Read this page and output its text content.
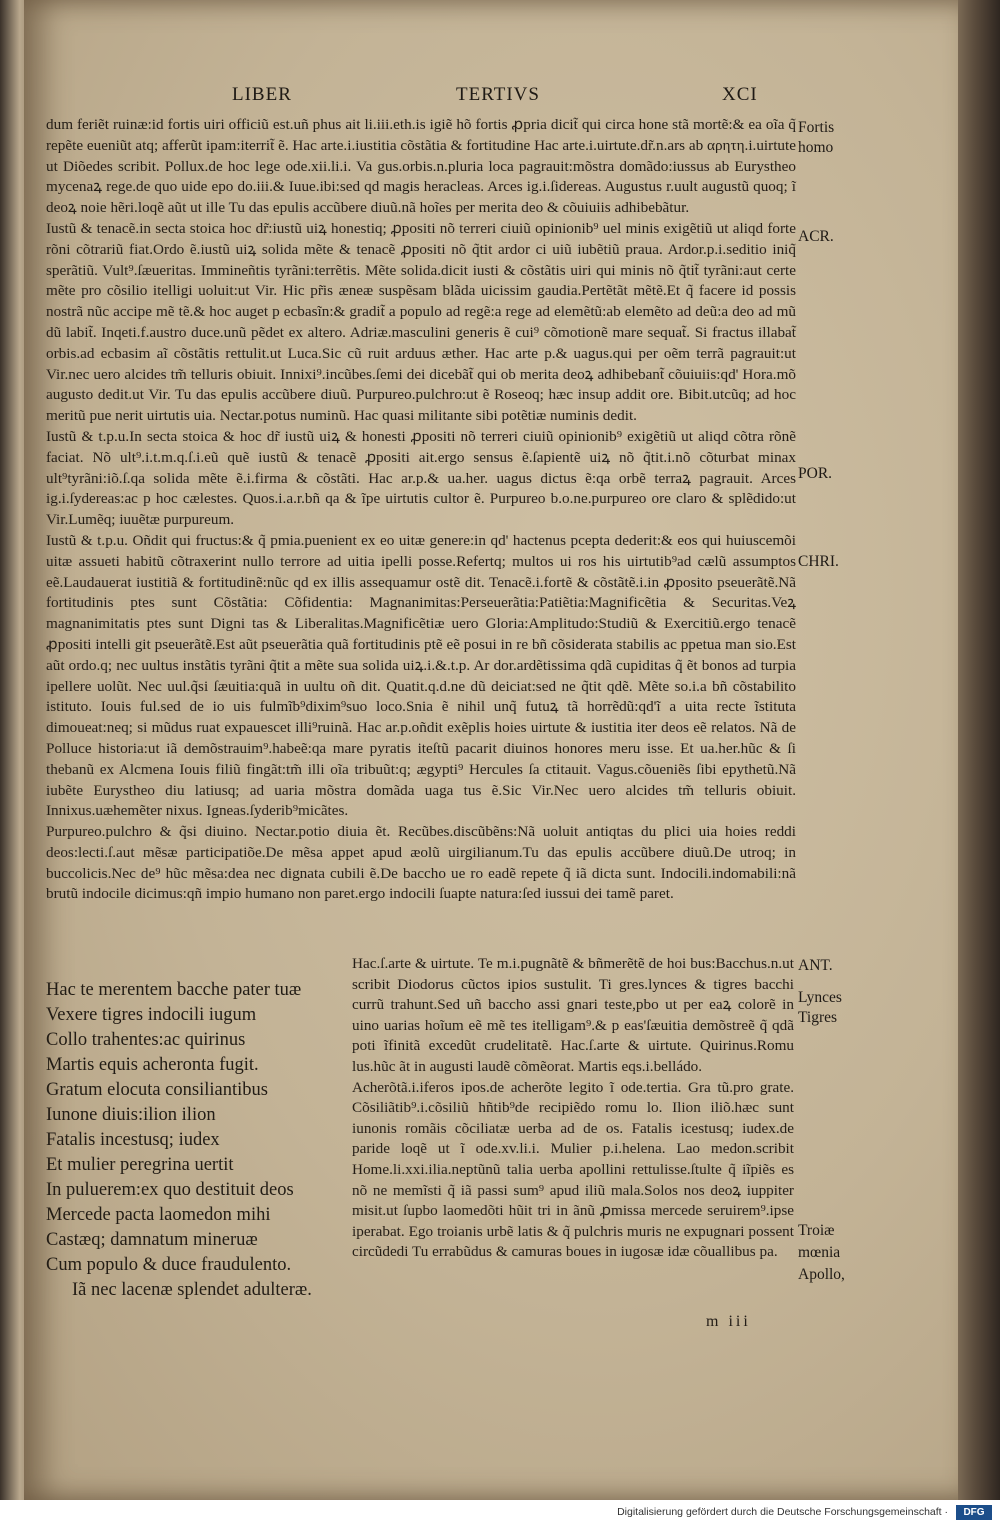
LIBER	TERTIVS	XCI

dum feriẽt ruinæ:id fortis uiri officiũ est.uñ phus ait li.iii.eth.is igiẽ hõ fortis ꝓpria dicit̃ qui circa hone stã mortẽ:& ea oĩa q̃ repẽte eueniũt atq; afferũt ipam:iterrit̃ ẽ. Hac arte.i.iustitia cõstãtia & fortitudine Hac arte.i.uirtute.dr̃.n.ars ab αρητη.i.uirtute ut Diõedes scribit. Pollux.de hoc lege ode.xii.li.i. Va gus.orbis.n.pluria loca pagrauit:mõstra domãdo:iussus ab Eurystheo mycenaꝝ rege.de quo uide epo do.iii.& Iuue.ibi:sed qd magis heracleas. Arces ig.i.ſidereas. Augustus r.uult augustũ quoq; ĩ deoꝝ noie hẽri.loqẽ aũt ut ille Tu das epulis accũbere diuũ.nã hoĩes per merita deo & cõuiuiis adhibebãtur.

Iustũ & tenacẽ.in secta stoica hoc dr̃:iustũ uiꝝ honestiq; ꝓpositi nõ terreri ciuiũ opinionib⁹ uel minis exigẽtiũ ut aliqd forte rõni cõtrariũ fiat.Ordo ẽ.iustũ uiꝝ solida mẽte & tenacẽ ꝓpositi nõ q̃tit ardor ci uiũ iubẽtiũ praua. Ardor.p.i.seditio iniq̃ sperãtiũ. Vult⁹.ſæueritas. Immineñtis tyrãni:terrẽtis. Mẽte solida.dicit iusti & cõstãtis uiri qui minis nõ q̃tit̃ tyrãni:aut certe mẽte pro cõsilio itelligi uoluit:ut Vir. Hic pr̃is æneæ suspẽsam blãda uicissim gaudia.Pertẽtãt mẽtẽ.Et q̃ facere id possis nostrã nũc accipe mẽ tẽ.& hoc auget p ecbasĩn:& gradit̃ a populo ad regẽ:a rege ad elemẽtũ:ab elemẽto ad deũ:a deo ad mũ dũ labit̃. Inqeti.f.austro duce.unũ pẽdet ex altero. Adriæ.masculini generis ẽ cui⁹ cõmotionẽ mare sequat̃. Si fractus illabat̃ orbis.ad ecbasim aĩ cõstãtis rettulit.ut Luca.Sic cũ ruit arduus æther. Hac arte p.& uagus.qui per oẽm terrã pagrauit:ut Vir.nec uero alcides tm̃ telluris obiuit. Innixi⁹.incũbes.ſemi dei dicebãt̃ qui ob merita deoꝝ adhibebant̃ cõuiuiis:qd' Hora.mõ augusto dedit.ut Vir. Tu das epulis accũbere diuũ. Purpureo.pulchro:ut ẽ Roseoq; hæc insup addit ore. Bibit.utcũq; ad hoc meritũ pue nerit uirtutis uia. Nectar.potus numinũ. Hac quasi militante sibi potẽtiæ numinis dedit.

Iustũ & t.p.u.In secta stoica & hoc dr̃ iustũ uiꝝ & honesti ꝓpositi nõ terreri ciuiũ opinionib⁹ exigẽtiũ ut aliqd cõtra rõnẽ faciat. Nõ ult⁹.i.t.m.q.ſ.i.eũ quẽ iustũ & tenacẽ ꝓpositi ait.ergo sensus ẽ.ſapientẽ uiꝝ nõ q̃tit.i.nõ cõturbat minax ult⁹tyrãni:iõ.ſ.qa solida mẽte ẽ.i.firma & cõstãti. Hac ar.p.& ua.her. uagus dictus ẽ:qa orbẽ terraꝝ pagrauit. Arces ig.i.ſydereas:ac p hoc cælestes. Quos.i.a.r.bñ qa & ĩpe uirtutis cultor ẽ. Purpureo b.o.ne.purpureo ore claro & splẽdido:ut Vir.Lumẽq; iuuẽtæ purpureum.

Iustũ & t.p.u. Oñdit qui fructus:& q̃ pmia.puenient ex eo uitæ genere:in qd' hactenus pcepta dederit:& eos qui huiuscemõi uitæ assueti habitũ cõtraxerint nullo terrore ad uitia ipelli posse.Refertq; multos ui ros his uirtutib⁹ad cælũ assumptos eẽ.Laudauerat iustitiã & fortitudinẽ:nũc qd ex illis assequamur ostẽ dit. Tenacẽ.i.fortẽ & cõstãtẽ.i.in ꝓposito pseuerãtẽ.Nã fortitudinis ptes sunt Cõstãtia: Cõfidentia: Magnanimitas:Perseuerãtia:Patiẽtia:Magnificẽtia & Securitas.Veꝝ magnanimitatis ptes sunt Digni tas & Liberalitas.Magnificẽtiæ uero Gloria:Amplitudo:Studiũ & Exercitiũ.ergo tenacẽ ꝓpositi intelli git pseuerãtẽ.Est aũt pseuerãtia quã fortitudinis ptẽ eẽ posui in re bñ cõsiderata stabilis ac ppetua man sio.Est aũt ordo.q; nec uultus instãtis tyrãni q̃tit a mẽte sua solida uiꝝ.i.&.t.p. Ar dor.ardẽtissima qdã cupiditas q̃ ẽt bonos ad turpia ipellere uolũt. Nec uul.q̃si ſæuitia:quã in uultu oñ dit. Quatit.q.d.ne dũ deiciat:sed ne q̃tit qdẽ. Mẽte so.i.a bñ cõstabilito istituto. Iouis ful.sed de io uis fulmĩb⁹dixim⁹suo loco.Snia ẽ nihil unq̃ futuꝝ tã horrẽdũ:qd'ĩ a uita recte ĩstituta dimoueat:neq; si mũdus ruat expauescet illi⁹ruinã. Hac ar.p.oñdit exẽplis hoies uirtute & iustitia iter deos eẽ relatos. Nã de Polluce historia:ut iã demõstrauim⁹.habeẽ:qa mare pyratis iteſtũ pacarit diuinos honores meru isse. Et ua.her.hũc & ſi thebanũ ex Alcmena Iouis filiũ fingãt:tm̃ illi oĩa tribuũt:q; ægypti⁹ Hercules ſa ctitauit. Vagus.cõueniẽs ſibi epythetũ.Nã iubẽte Eurystheo diu latiusq; ad uaria mõstra domãda uaga tus ẽ.Sic Vir.Nec uero alcides tm̃ telluris obiuit. Innixus.uæhemẽter nixus. Igneas.ſyderib⁹micãtes.

Purpureo.pulchro & q̃si diuino. Nectar.potio diuia ẽt. Recũbes.discũbẽns:Nã uoluit antiqtas du plici uia hoies reddi deos:lecti.ſ.aut mẽsæ participatiõe.De mẽsa appet apud æolũ uirgilianum.Tu das epulis accũbere diuũ.De utroq; in buccolicis.Nec de⁹ hũc mẽsa:dea nec dignata cubili ẽ.De baccho ue ro eadẽ repete q̃ iã dicta sunt. Indocili.indomabili:nã brutũ indocile dicimus:qñ impio humano non paret.ergo indocili ſuapte natura:ſed iussui dei tamẽ paret.

Fortis homo
ACR.
POR.
CHRI.
ANT.
Lynces Tigres
Troiæ mœnia Apollo,
Hac te merentem bacche pater tuæ
Vexere tigres indocili iugum
Collo trahentes:ac quirinus
Martis equis acheronta fugit.
Gratum elocuta consiliantibus
Iunone diuis:ilion ilion
Fatalis incestusq; iudex
Et mulier peregrina uertit
In puluerem:ex quo destituit deos
Mercede pacta laomedon mihi
Castæq; damnatum mineruæ
Cum populo & duce fraudulento.
Iã nec lacenæ splendet adulteræ.

Hac.ſ.arte & uirtute. Te m.i.pugnãtẽ & bñmerẽtẽ de hoi bus:Bacchus.n.ut scribit Diodorus cũctos ipios sustulit. Ti gres.lynces & tigres bacchi currũ trahunt.Sed uñ baccho assi gnari teste,pbo ut per eaꝝ colorẽ in uino uarias hoĩum eẽ mẽ tes itelligam⁹.& p eas'ſæuitia demõstreẽ q̃ qdã poti ĩfinitã excedũt crudelitatẽ. Hac.ſ.arte & uirtute. Quirinus.Romu lus.hũc ãt in augusti laudẽ cõmẽorat. Martis eqs.i.belládo.

Acherõtã.i.iferos ipos.de acherõte legito ĩ ode.tertia. Gra tũ.pro grate. Cõsiliãtib⁹.i.cõsiliũ hñtib⁹de recipiẽdo romu lo. Ilion iliõ.hæc sunt iunonis romãis cõciliatæ uerba ad de os. Fatalis icestusq; iudex.de paride loqẽ ut ĩ ode.xv.li.i. Mulier p.i.helena. Lao medon.scribit Home.li.xxi.ilia.neptũnũ talia uerba apollini rettulisse.ſtulte q̃ iĩpiẽs es nõ ne memĩsti q̃ iã passi sum⁹ apud iliũ mala.Solos nos deoꝝ iuppiter misit.ut ſupbo laomedõti hũit tri in ãnũ ꝓmissa mercede seruirem⁹.ipse iperabat. Ego troianis urbẽ latis & q̃ pulchris muris ne expugnari possent circũdedi Tu errabũdus & camuras boues in iugosæ idæ cõuallibus pa.

m iii
Digitalisierung gefördert durch die Deutsche Forschungsgemeinschaft ·	DFG
